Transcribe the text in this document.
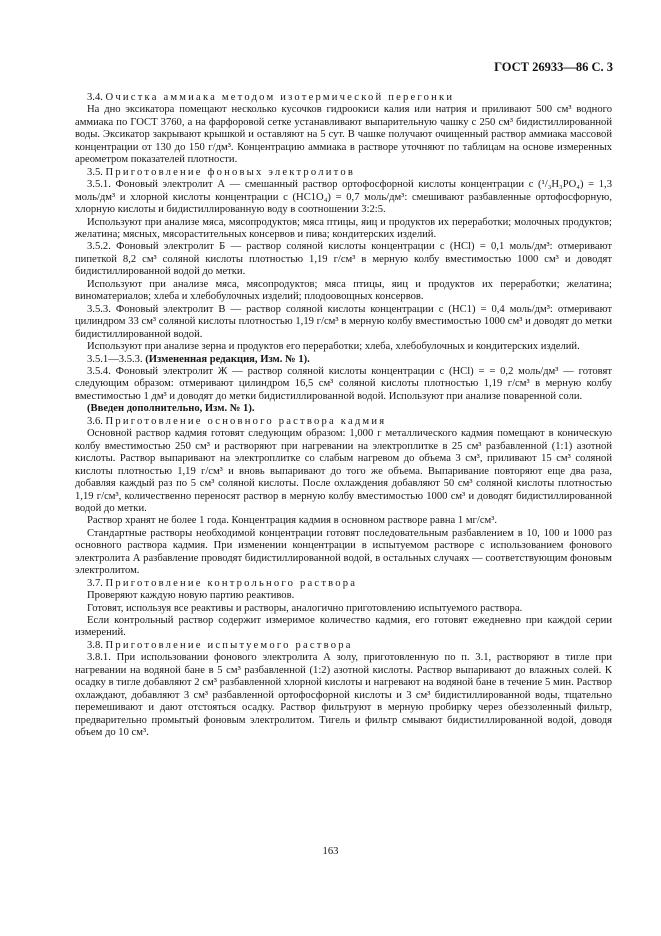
ГОСТ 26933—86 С. 3

3.4. Очистка аммиака методом изотермической перегонки

На дно эксикатора помещают несколько кусочков гидроокиси калия или натрия и приливают 500 см³ водного аммиака по ГОСТ 3760, а на фарфоровой сетке устанавливают выпарительную чашку с 250 см³ бидистиллированной воды. Эксикатор закрывают крышкой и оставляют на 5 сут. В чашке получают очищенный раствор аммиака массовой концентрации от 130 до 150 г/дм³. Концентрацию аммиака в растворе уточняют по таблицам на основе измеренных ареометром показателей плотности.

3.5. Приготовление фоновых электролитов

3.5.1. Фоновый электролит А — смешанный раствор ортофосфорной кислоты концентрации с (¹/₃H₃PO₄) = 1,3 моль/дм³ и хлорной кислоты концентрации с (НС1О₄) = 0,7 моль/дм³: смешивают разбавленные ортофосфорную, хлорную кислоты и бидистиллированную воду в соотношении 3:2:5.

Используют при анализе мяса, мясопродуктов; мяса птицы, яиц и продуктов их переработки; молочных продуктов; желатина; мясных, мясорастительных консервов и пива; кондитерских изделий.

3.5.2. Фоновый электролит Б — раствор соляной кислоты концентрации с (НСl) = 0,1 моль/дм³: отмеривают пипеткой 8,2 см³ соляной кислоты плотностью 1,19 г/см³ в мерную колбу вместимостью 1000 см³ и доводят бидистиллированной водой до метки.

Используют при анализе мяса, мясопродуктов; мяса птицы, яиц и продуктов их переработки; желатина; виноматериалов; хлеба и хлебобулочных изделий; плодоовощных консервов.

3.5.3. Фоновый электролит В — раствор соляной кислоты концентрации с (НС1) = 0,4 моль/дм³: отмеривают цилиндром 33 см³ соляной кислоты плотностью 1,19 г/см³ в мерную колбу вместимостью 1000 см³ и доводят до метки бидистиллированной водой.

Используют при анализе зерна и продуктов его переработки; хлеба, хлебобулочных и кондитерских изделий.

3.5.1—3.5.3. (Измененная редакция, Изм. № 1).

3.5.4. Фоновый электролит Ж — раствор соляной кислоты концентрации с (НСl) = = 0,2 моль/дм³ — готовят следующим образом: отмеривают цилиндром 16,5 см³ соляной кислоты плотностью 1,19 г/см³ в мерную колбу вместимостью 1 дм³ и доводят до метки бидистиллированной водой. Используют при анализе поваренной соли.

(Введен дополнительно, Изм. № 1).

3.6. Приготовление основного раствора кадмия

Основной раствор кадмия готовят следующим образом: 1,000 г металлического кадмия помещают в коническую колбу вместимостью 250 см³ и растворяют при нагревании на электроплитке в 25 см³ разбавленной (1:1) азотной кислоты. Раствор выпаривают на электроплитке со слабым нагревом до объема 3 см³, приливают 15 см³ соляной кислоты плотностью 1,19 г/см³ и вновь выпаривают до того же объема. Выпаривание повторяют еще два раза, добавляя каждый раз по 5 см³ соляной кислоты. После охлаждения добавляют 50 см³ соляной кислоты плотностью 1,19 г/см³, количественно переносят раствор в мерную колбу вместимостью 1000 см³ и доводят бидистиллированной водой до метки.

Раствор хранят не более 1 года. Концентрация кадмия в основном растворе равна 1 мг/см³.

Стандартные растворы необходимой концентрации готовят последовательным разбавлением в 10, 100 и 1000 раз основного раствора кадмия. При изменении концентрации в испытуемом растворе с использованием фонового электролита А разбавление проводят бидистиллированной водой, в остальных случаях — соответствующим фоновым электролитом.

3.7. Приготовление контрольного раствора

Проверяют каждую новую партию реактивов.

Готовят, используя все реактивы и растворы, аналогично приготовлению испытуемого раствора.

Если контрольный раствор содержит измеримое количество кадмия, его готовят ежедневно при каждой серии измерений.

3.8. Приготовление испытуемого раствора

3.8.1. При использовании фонового электролита А золу, приготовленную по п. 3.1, растворяют в тигле при нагревании на водяной бане в 5 см³ разбавленной (1:2) азотной кислоты. Раствор выпаривают до влажных солей. К осадку в тигле добавляют 2 см³ разбавленной хлорной кислоты и нагревают на водяной бане в течение 5 мин. Раствор охлаждают, добавляют 3 см³ разбавленной ортофосфорной кислоты и 3 см³ бидистиллированной воды, тщательно перемешивают и дают отстояться осадку. Раствор фильтруют в мерную пробирку через обеззоленный фильтр, предварительно промытый фоновым электролитом. Тигель и фильтр смывают бидистиллированной водой, доводя объем до 10 см³.

163
